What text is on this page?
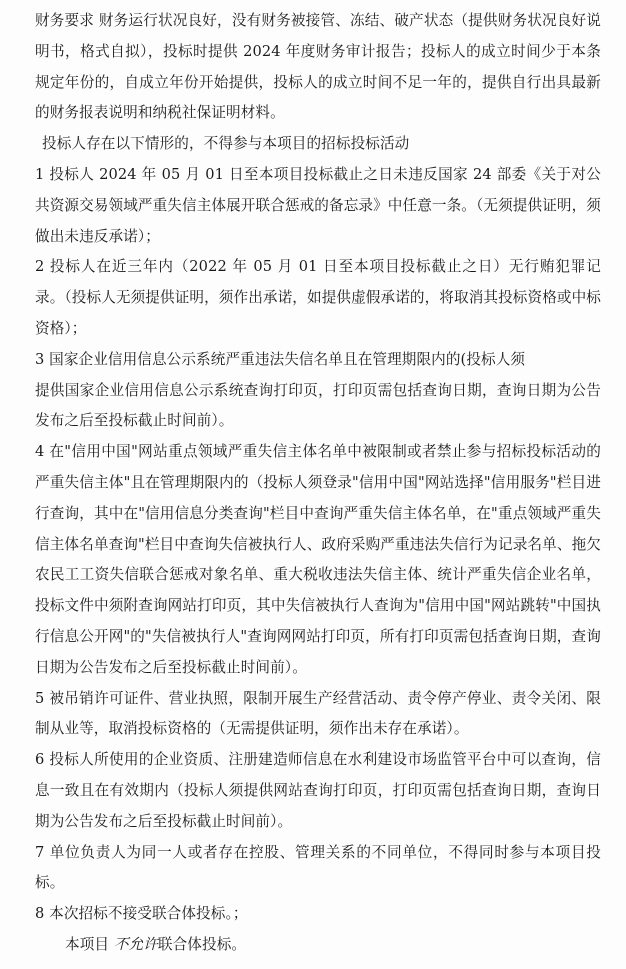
财务要求 财务运行状况良好，没有财务被接管、冻结、破产状态（提供财务状况良好说明书，格式自拟），投标时提供 2024 年度财务审计报告；投标人的成立时间少于本条规定年份的，自成立年份开始提供，投标人的成立时间不足一年的，提供自行出具最新的财务报表说明和纳税社保证明材料。

投标人存在以下情形的，不得参与本项目的招标投标活动

1 投标人 2024 年 05 月 01 日至本项目投标截止之日未违反国家 24 部委《关于对公共资源交易领域严重失信主体展开联合惩戒的备忘录》中任意一条。（无须提供证明，须做出未违反承诺）；

2 投标人在近三年内（2022 年 05 月 01 日至本项目投标截止之日）无行贿犯罪记录。（投标人无须提供证明，须作出承诺，如提供虚假承诺的，将取消其投标资格或中标资格）；

3 国家企业信用信息公示系统严重违法失信名单且在管理期限内的(投标人须

提供国家企业信用信息公示系统查询打印页，打印页需包括查询日期，查询日期为公告发布之后至投标截止时间前）。

4 在"信用中国"网站重点领域严重失信主体名单中被限制或者禁止参与招标投标活动的严重失信主体"且在管理期限内的（投标人须登录"信用中国"网站选择"信用服务"栏目进行查询，其中在"信用信息分类查询"栏目中查询严重失信主体名单，在"重点领域严重失信主体名单查询"栏目中查询失信被执行人、政府采购严重违法失信行为记录名单、拖欠农民工工资失信联合惩戒对象名单、重大税收违法失信主体、统计严重失信企业名单，投标文件中须附查询网站打印页，其中失信被执行人查询为"信用中国"网站跳转"中国执行信息公开网"的"失信被执行人"查询网网站打印页，所有打印页需包括查询日期，查询日期为公告发布之后至投标截止时间前）。

5 被吊销许可证件、营业执照，限制开展生产经营活动、责令停产停业、责令关闭、限制从业等，取消投标资格的（无需提供证明，须作出未存在承诺）。

6 投标人所使用的企业资质、注册建造师信息在水利建设市场监管平台中可以查询，信息一致且在有效期内（投标人须提供网站查询打印页，打印页需包括查询日期，查询日期为公告发布之后至投标截止时间前）。

7 单位负责人为同一人或者存在控股、管理关系的不同单位，不得同时参与本项目投标。

8 本次招标不接受联合体投标。；

本项目 不允许联合体投标。
